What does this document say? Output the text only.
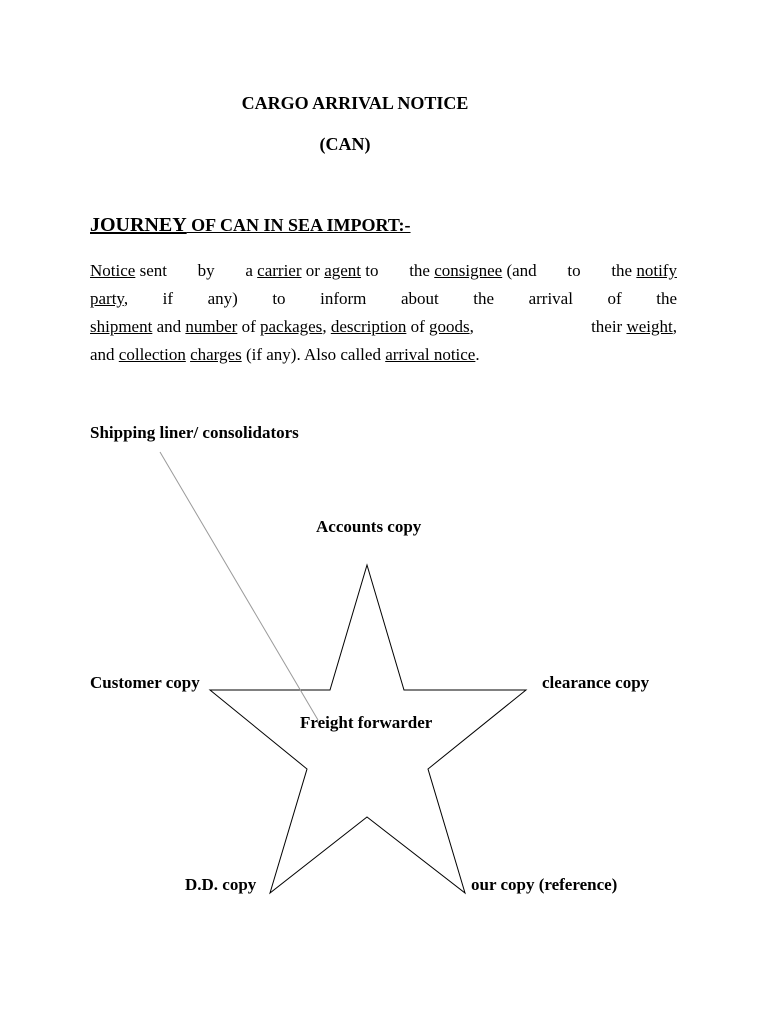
CARGO ARRIVAL NOTICE
(CAN)
JOURNEY OF CAN IN SEA IMPORT:-
Notice sent by a carrier or agent to the consignee (and to the notify
party, if any) to inform about the arrival of the
shipment and number of packages, description of goods,	their weight,
and collection charges (if any). Also called arrival notice.
Shipping liner/ consolidators
Accounts copy
Customer copy	clearance copy
Freight forwarder
D.D. copy	our copy (reference)
